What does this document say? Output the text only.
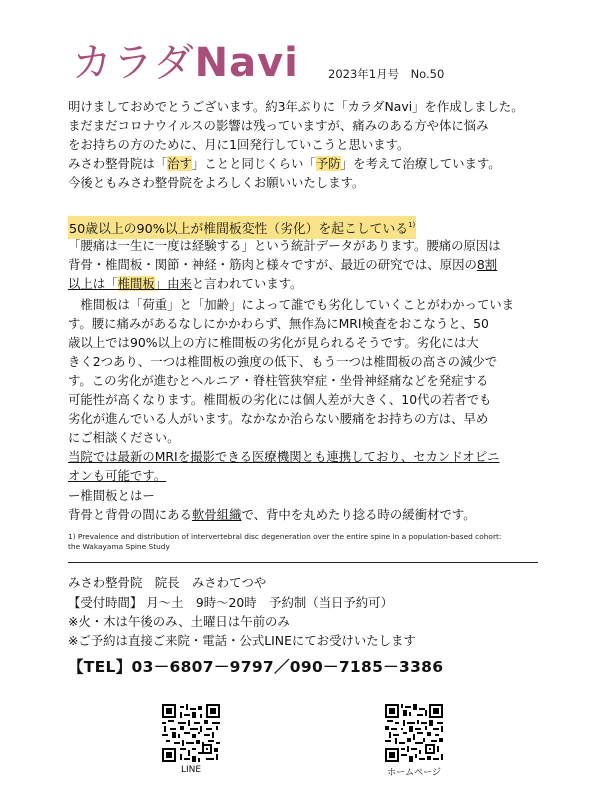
カラダNavi	2023年1月号　No.50

明けましておめでとうございます。約3年ぶりに「カラダNavi」を作成しました。

まだまだコロナウイルスの影響は残っていますが、痛みのある方や体に悩み

をお持ちの方のために、月に1回発行していこうと思います。

みさわ整骨院は「治す」ことと同じくらい「予防」を考えて治療しています。

今後ともみさわ整骨院をよろしくお願いいたします。

50歳以上の90%以上が椎間板変性（劣化）を起こしている$^{1)}$

「腰痛は一生に一度は経験する」という統計データがあります。腰痛の原因は

背骨・椎間板・関節・神経・筋肉と様々ですが、最近の研究では、原因の8割

以上は「椎間板」由来と言われています。

　椎間板は「荷重」と「加齢」によって誰でも劣化していくことがわかっていま

す。腰に痛みがあるなしにかかわらず、無作為にMRI検査をおこなうと、50

歳以上では90%以上の方に椎間板の劣化が見られるそうです。劣化には大

きく2つあり、一つは椎間板の強度の低下、もう一つは椎間板の高さの減少で

す。この劣化が進むとヘルニア・脊柱管狭窄症・坐骨神経痛などを発症する

可能性が高くなります。椎間板の劣化には個人差が大きく、10代の若者でも

劣化が進んでいる人がいます。なかなか治らない腰痛をお持ちの方は、早め

にご相談ください。

当院では最新のMRIを撮影できる医療機関とも連携しており、セカンドオピニ

オンも可能です。

ー椎間板とはー

背骨と背骨の間にある軟骨組織で、背中を丸めたり捻る時の緩衝材です。

1) Prevalence and distribution of intervertebral disc degeneration over the entire spine in a population-based cohort:
the Wakayama Spine Study
みさわ整骨院　院長　みさわてつや
【受付時間】 月～土　9時～20時　予約制（当日予約可）
※火・木は午後のみ、土曜日は午前のみ
※ご予約は直接ご来院・電話・公式LINEにてお受けいたします
【TEL】03－6807－9797／090－7185－3386
LINE	ホームページ
